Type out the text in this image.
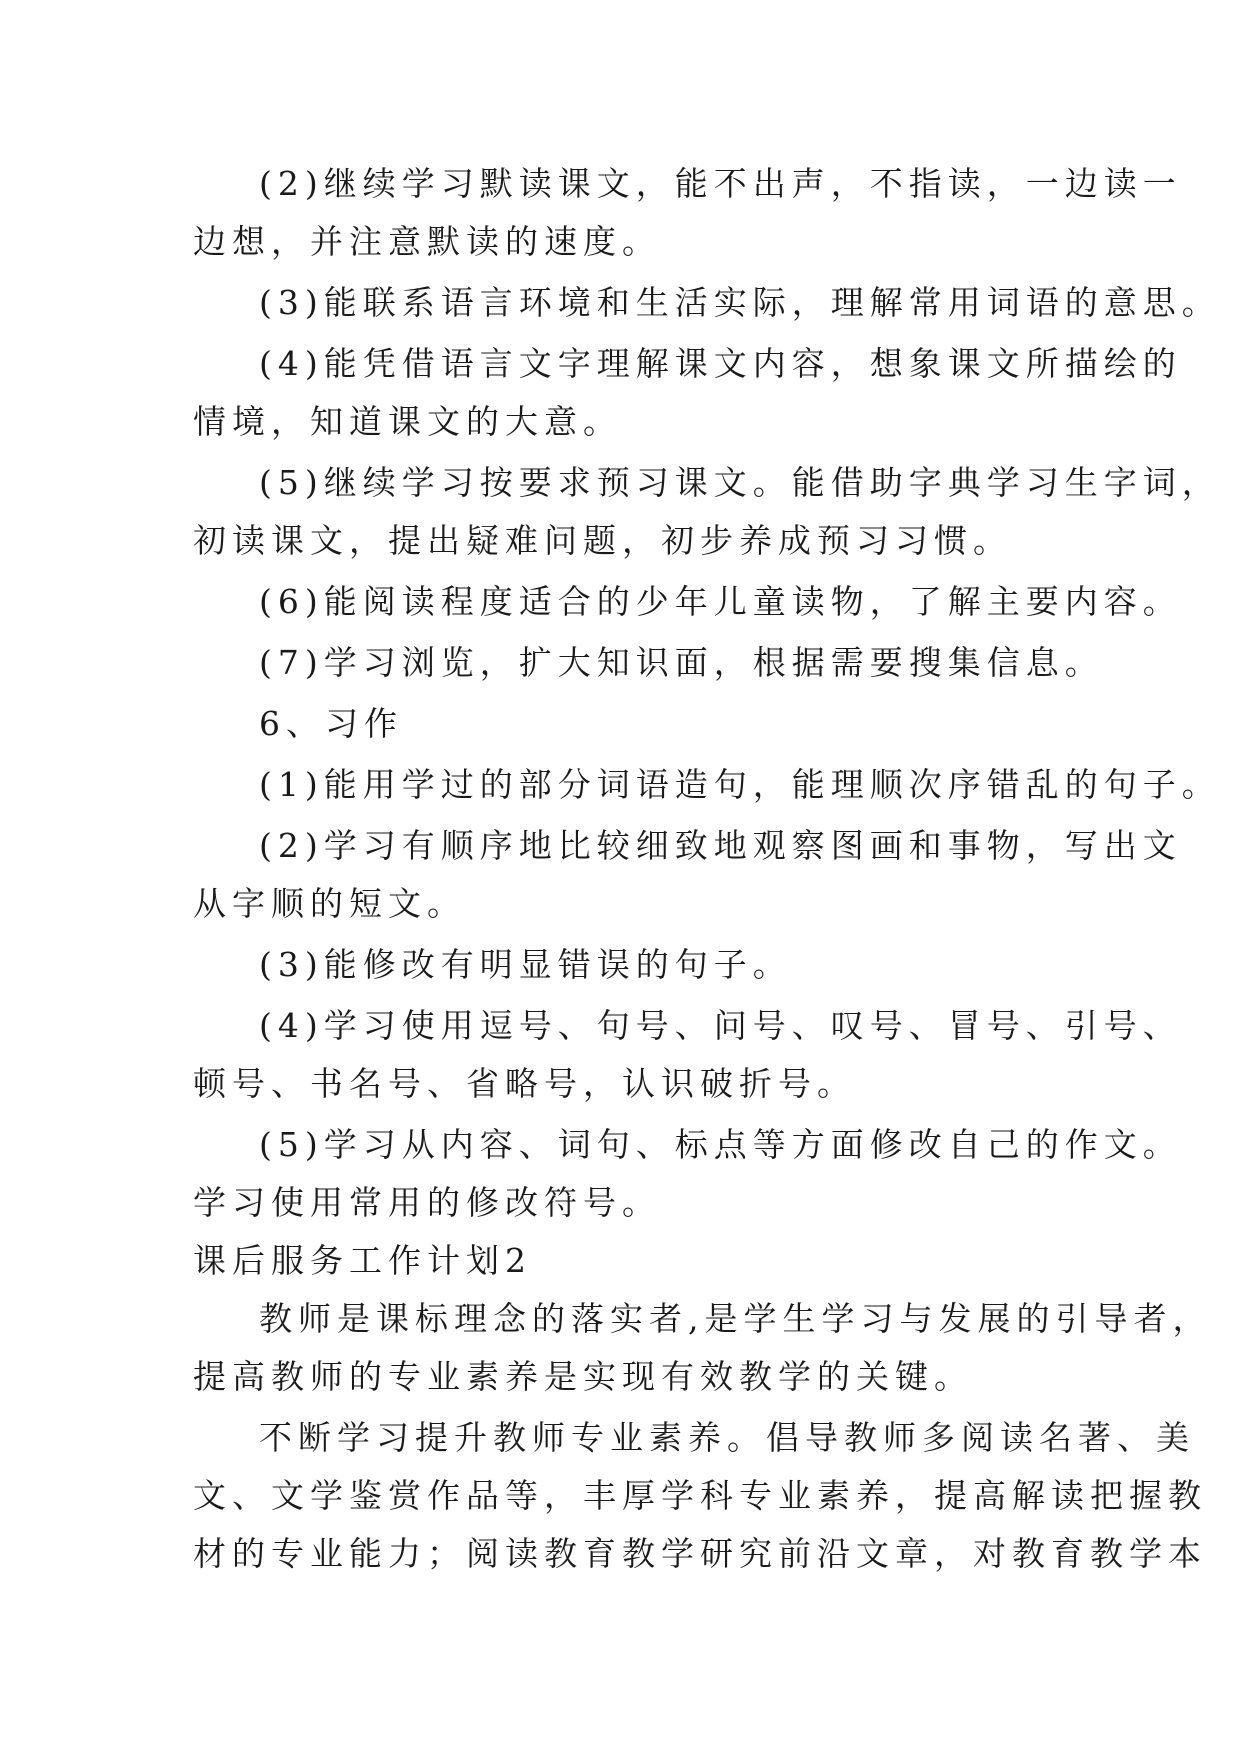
(2)继续学习默读课文，能不出声，不指读，一边读一
边想，并注意默读的速度。
(3)能联系语言环境和生活实际，理解常用词语的意思。
(4)能凭借语言文字理解课文内容，想象课文所描绘的
情境，知道课文的大意。
(5)继续学习按要求预习课文。能借助字典学习生字词，
初读课文，提出疑难问题，初步养成预习习惯。
(6)能阅读程度适合的少年儿童读物，了解主要内容。
(7)学习浏览，扩大知识面，根据需要搜集信息。
6、习作
(1)能用学过的部分词语造句，能理顺次序错乱的句子。
(2)学习有顺序地比较细致地观察图画和事物，写出文
从字顺的短文。
(3)能修改有明显错误的句子。
(4)学习使用逗号、句号、问号、叹号、冒号、引号、
顿号、书名号、省略号，认识破折号。
(5)学习从内容、词句、标点等方面修改自己的作文。
学习使用常用的修改符号。
课后服务工作计划2
教师是课标理念的落实者,是学生学习与发展的引导者，
提高教师的专业素养是实现有效教学的关键。
不断学习提升教师专业素养。倡导教师多阅读名著、美
文、文学鉴赏作品等，丰厚学科专业素养，提高解读把握教
材的专业能力；阅读教育教学研究前沿文章，对教育教学本
